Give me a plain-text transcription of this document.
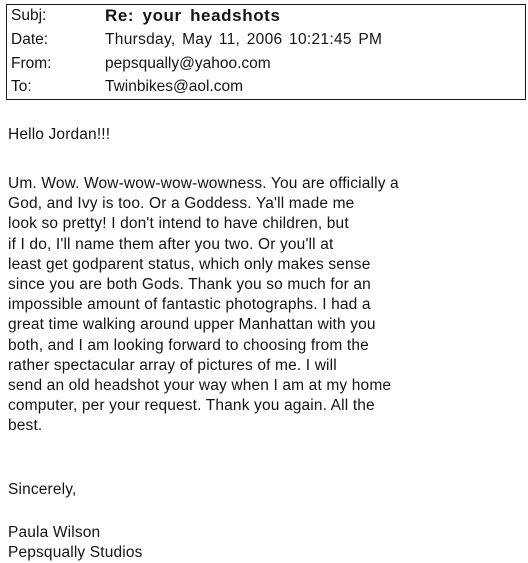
Subj:	Re: your headshots
Date:	Thursday, May 11, 2006 10:21:45 PM
From:	pepsqually@yahoo.com
To:	Twinbikes@aol.com
Hello Jordan!!!
Um. Wow. Wow-wow-wow-wowness. You are officially a
God, and Ivy is too. Or a Goddess. Ya'll made me
look so pretty! I don't intend to have children, but
if I do, I'll name them after you two. Or you'll at
least get godparent status, which only makes sense
since you are both Gods. Thank you so much for an
impossible amount of fantastic photographs. I had a
great time walking around upper Manhattan with you
both, and I am looking forward to choosing from the
rather spectacular array of pictures of me. I will
send an old headshot your way when I am at my home
computer, per your request. Thank you again. All the
best.
Sincerely,
Paula Wilson
Pepsqually Studios
